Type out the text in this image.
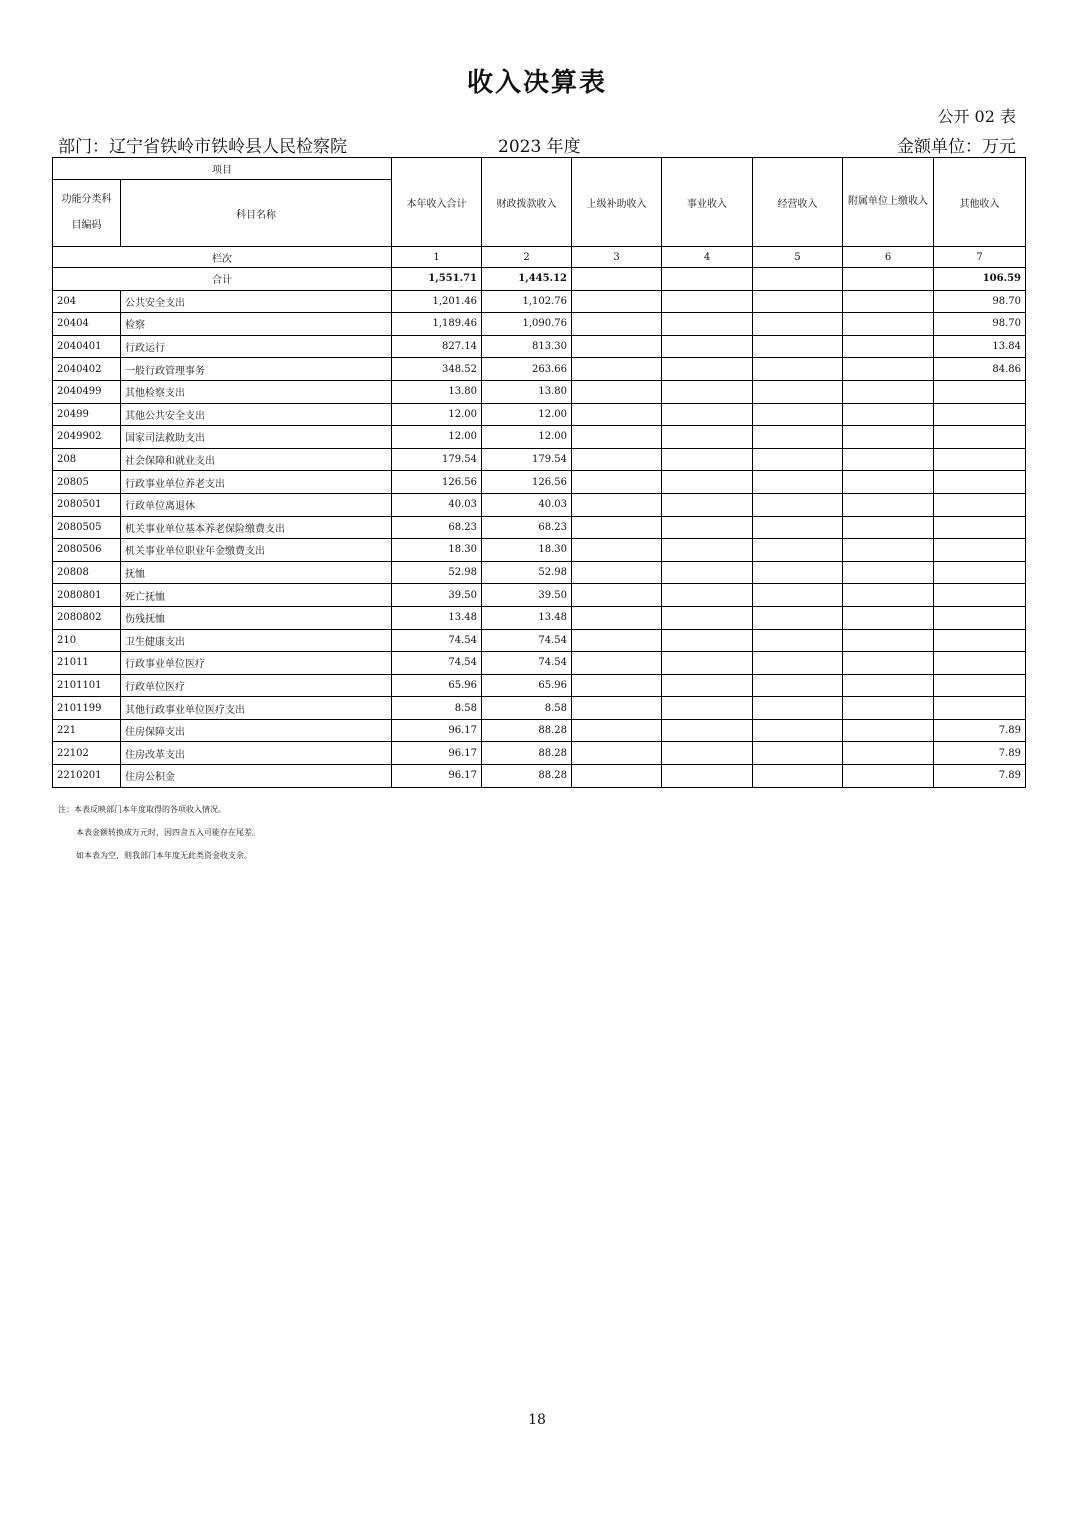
收入决算表
公开 02 表
部门：辽宁省铁岭市铁岭县人民检察院	2023 年度	金额单位：万元
项目		本年收入合计	财政拨款收入	上级补助收入	事业收入	经营收入	附属单位上缴收入	其他收入
功能分类科目编码	科目名称							
栏次		1	2	3	4	5	6	7
合计		1,551.71	1,445.12					106.59
204	公共安全支出	1,201.46	1,102.76					98.70
20404	检察	1,189.46	1,090.76					98.70
2040401	行政运行	827.14	813.30					13.84
2040402	一般行政管理事务	348.52	263.66					84.86
2040499	其他检察支出	13.80	13.80					
20499	其他公共安全支出	12.00	12.00					
2049902	国家司法救助支出	12.00	12.00					
208	社会保障和就业支出	179.54	179.54					
20805	行政事业单位养老支出	126.56	126.56					
2080501	行政单位离退休	40.03	40.03					
2080505	机关事业单位基本养老保险缴费支出	68.23	68.23					
2080506	机关事业单位职业年金缴费支出	18.30	18.30					
20808	抚恤	52.98	52.98					
2080801	死亡抚恤	39.50	39.50					
2080802	伤残抚恤	13.48	13.48					
210	卫生健康支出	74.54	74.54					
21011	行政事业单位医疗	74.54	74.54					
2101101	行政单位医疗	65.96	65.96					
2101199	其他行政事业单位医疗支出	8.58	8.58					
221	住房保障支出	96.17	88.28					7.89
22102	住房改革支出	96.17	88.28					7.89
2210201	住房公积金	96.17	88.28					7.89
注：本表反映部门本年度取得的各项收入情况。
本表金额转换成万元时，因四舍五入可能存在尾差。
如本表为空，则我部门本年度无此类资金收支余。
18
